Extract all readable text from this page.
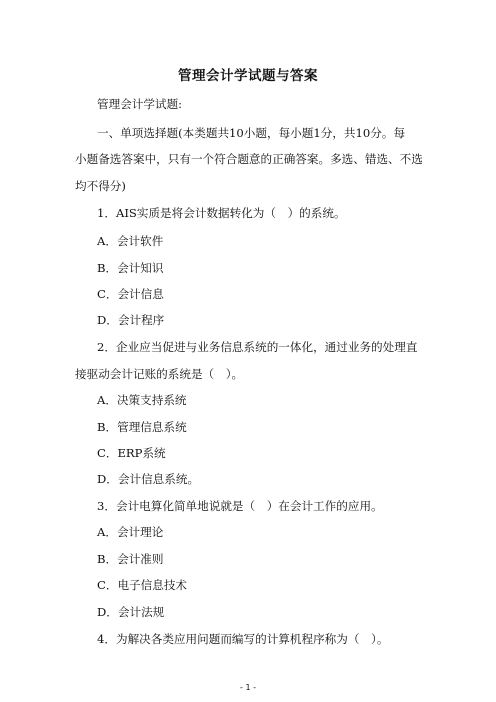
管理会计学试题与答案
管理会计学试题:
一、单项选择题(本类题共10小题，每小题1分，共10分。每
小题备选答案中，只有一个符合题意的正确答案。多选、错选、不选
均不得分)
1．AIS实质是将会计数据转化为（　）的系统。
A．会计软件
B．会计知识
C．会计信息
D．会计程序
2．企业应当促进与业务信息系统的一体化，通过业务的处理直
接驱动会计记账的系统是（　）。
A．决策支持系统
B．管理信息系统
C．ERP系统
D．会计信息系统。
3．会计电算化简单地说就是（　）在会计工作的应用。
A．会计理论
B．会计准则
C．电子信息技术
D．会计法规
4．为解决各类应用问题而编写的计算机程序称为（　）。
- 1 -
